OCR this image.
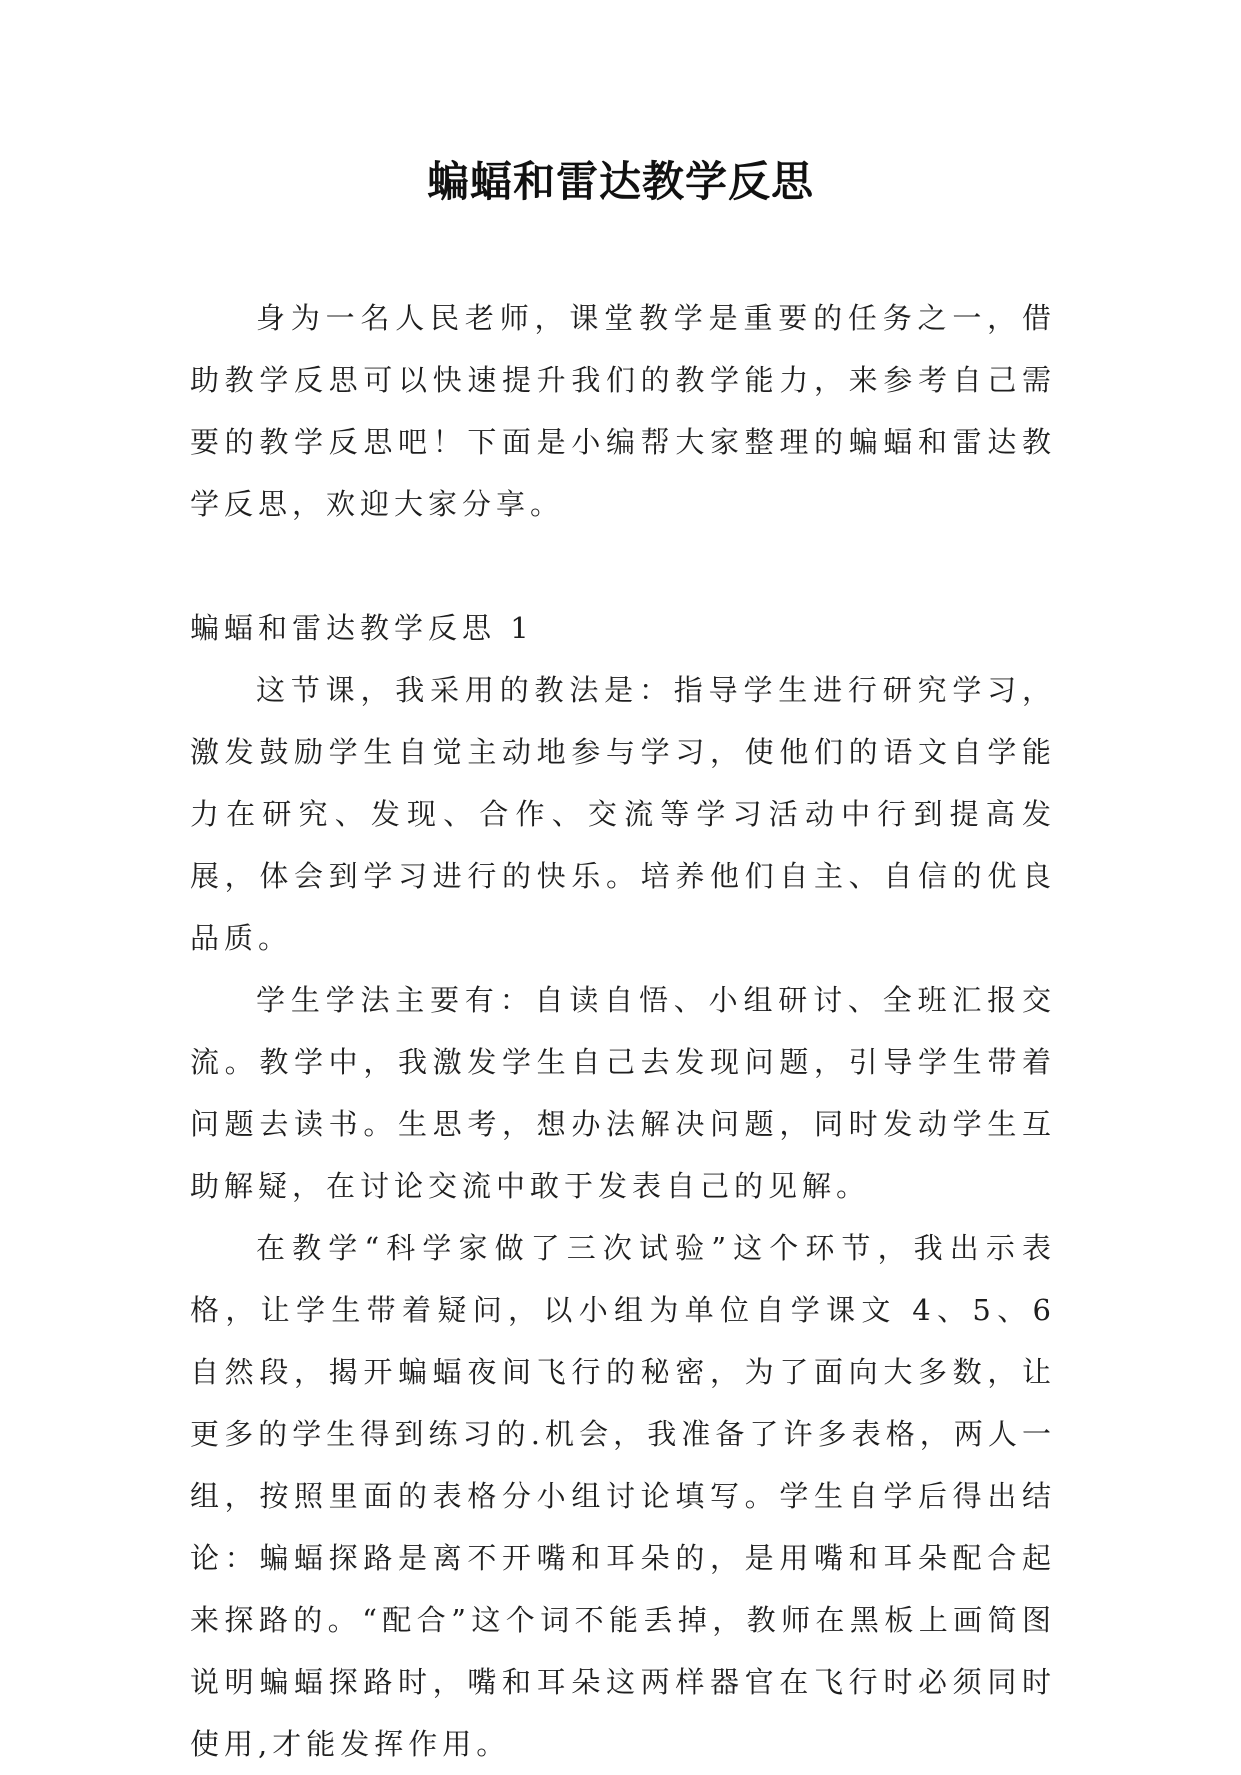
蝙蝠和雷达教学反思

身为一名人民老师，课堂教学是重要的任务之一，借助教学反思可以快速提升我们的教学能力，来参考自己需要的教学反思吧！下面是小编帮大家整理的蝙蝠和雷达教学反思，欢迎大家分享。

蝙蝠和雷达教学反思 1

这节课，我采用的教法是：指导学生进行研究学习，激发鼓励学生自觉主动地参与学习，使他们的语文自学能力在研究、发现、合作、交流等学习活动中行到提高发展，体会到学习进行的快乐。培养他们自主、自信的优良品质。

学生学法主要有：自读自悟、小组研讨、全班汇报交流。教学中，我激发学生自己去发现问题，引导学生带着问题去读书。生思考，想办法解决问题，同时发动学生互助解疑，在讨论交流中敢于发表自己的见解。

在教学“科学家做了三次试验”这个环节，我出示表格，让学生带着疑问，以小组为单位自学课文 4、5、6 自然段，揭开蝙蝠夜间飞行的秘密，为了面向大多数，让更多的学生得到练习的.机会，我准备了许多表格，两人一组，按照里面的表格分小组讨论填写。学生自学后得出结论：蝙蝠探路是离不开嘴和耳朵的，是用嘴和耳朵配合起来探路的。“配合”这个词不能丢掉，教师在黑板上画简图说明蝙蝠探路时，嘴和耳朵这两样器官在飞行时必须同时使用,才能发挥作用。
